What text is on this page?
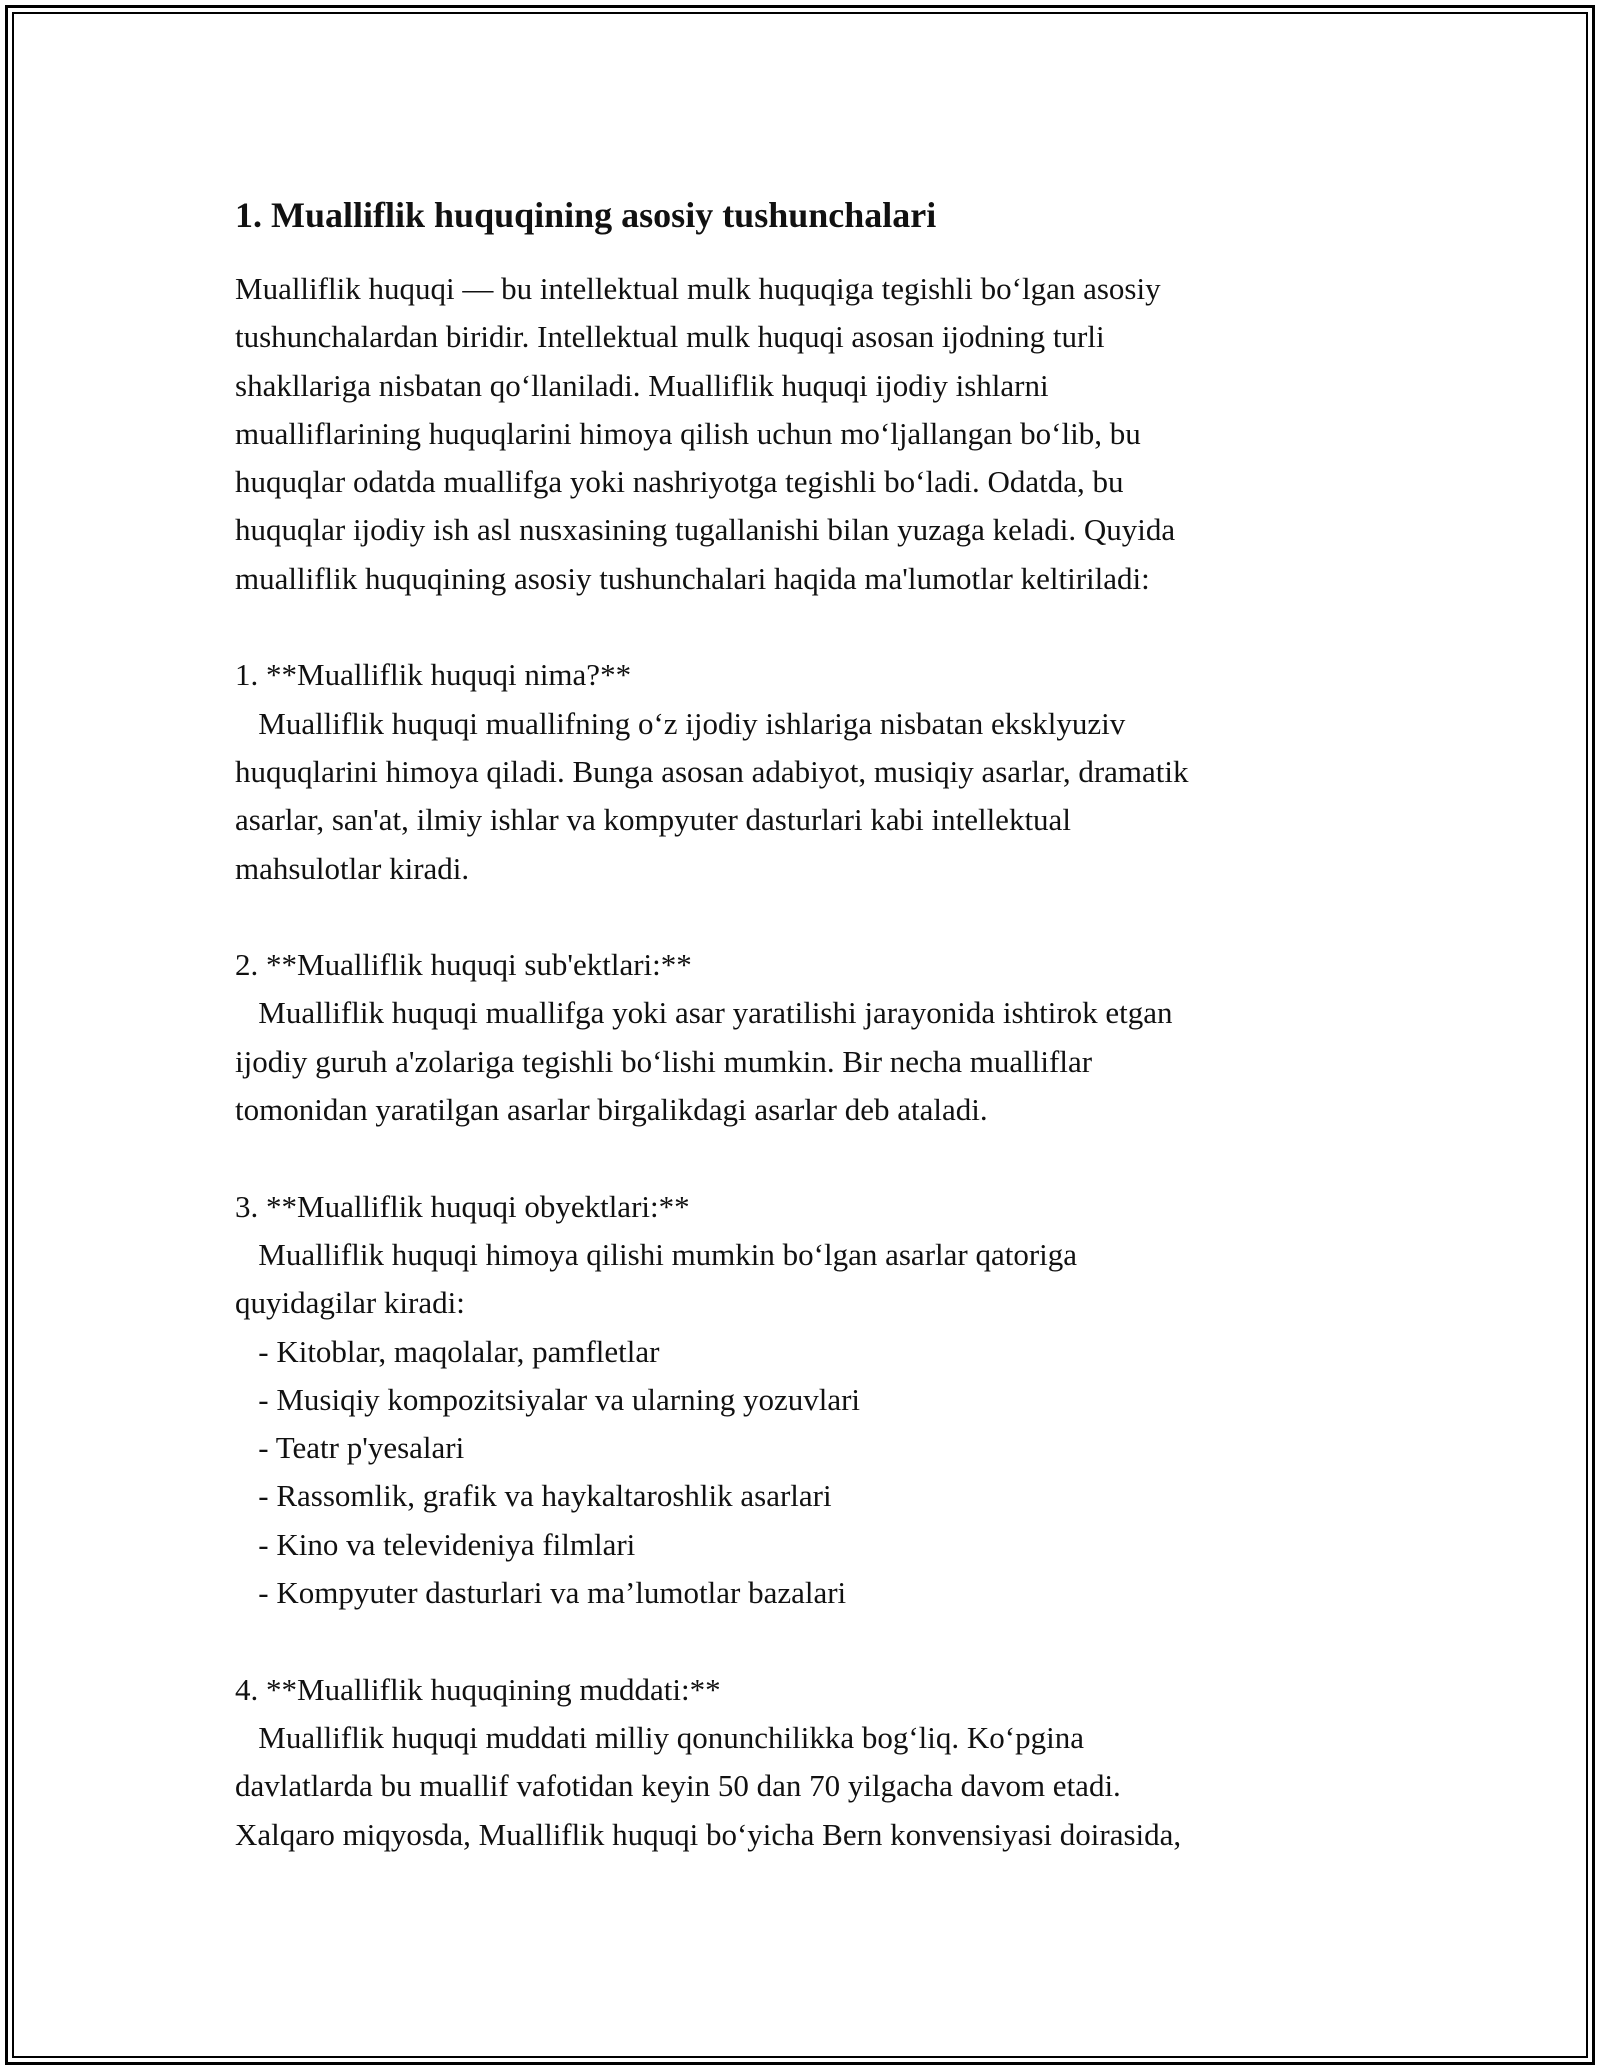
1. Mualliflik huquqining asosiy tushunchalari

Mualliflik huquqi — bu intellektual mulk huquqiga tegishli bo‘lgan asosiy

tushunchalardan biridir. Intellektual mulk huquqi asosan ijodning turli

shakllariga nisbatan qo‘llaniladi. Mualliflik huquqi ijodiy ishlarni

mualliflarining huquqlarini himoya qilish uchun mo‘ljallangan bo‘lib, bu

huquqlar odatda muallifga yoki nashriyotga tegishli bo‘ladi. Odatda, bu

huquqlar ijodiy ish asl nusxasining tugallanishi bilan yuzaga keladi. Quyida

mualliflik huquqining asosiy tushunchalari haqida ma'lumotlar keltiriladi:

1. **Mualliflik huquqi nima?**

Mualliflik huquqi muallifning o‘z ijodiy ishlariga nisbatan eksklyuziv

huquqlarini himoya qiladi. Bunga asosan adabiyot, musiqiy asarlar, dramatik

asarlar, san'at, ilmiy ishlar va kompyuter dasturlari kabi intellektual

mahsulotlar kiradi.

2. **Mualliflik huquqi sub'ektlari:**

Mualliflik huquqi muallifga yoki asar yaratilishi jarayonida ishtirok etgan

ijodiy guruh a'zolariga tegishli bo‘lishi mumkin. Bir necha mualliflar

tomonidan yaratilgan asarlar birgalikdagi asarlar deb ataladi.

3. **Mualliflik huquqi obyektlari:**

Mualliflik huquqi himoya qilishi mumkin bo‘lgan asarlar qatoriga

quyidagilar kiradi:

- Kitoblar, maqolalar, pamfletlar

- Musiqiy kompozitsiyalar va ularning yozuvlari

- Teatr p'yesalari

- Rassomlik, grafik va haykaltaroshlik asarlari

- Kino va televideniya filmlari

- Kompyuter dasturlari va ma’lumotlar bazalari

4. **Mualliflik huquqining muddati:**

Mualliflik huquqi muddati milliy qonunchilikka bog‘liq. Ko‘pgina

davlatlarda bu muallif vafotidan keyin 50 dan 70 yilgacha davom etadi.

Xalqaro miqyosda, Mualliflik huquqi bo‘yicha Bern konvensiyasi doirasida,
